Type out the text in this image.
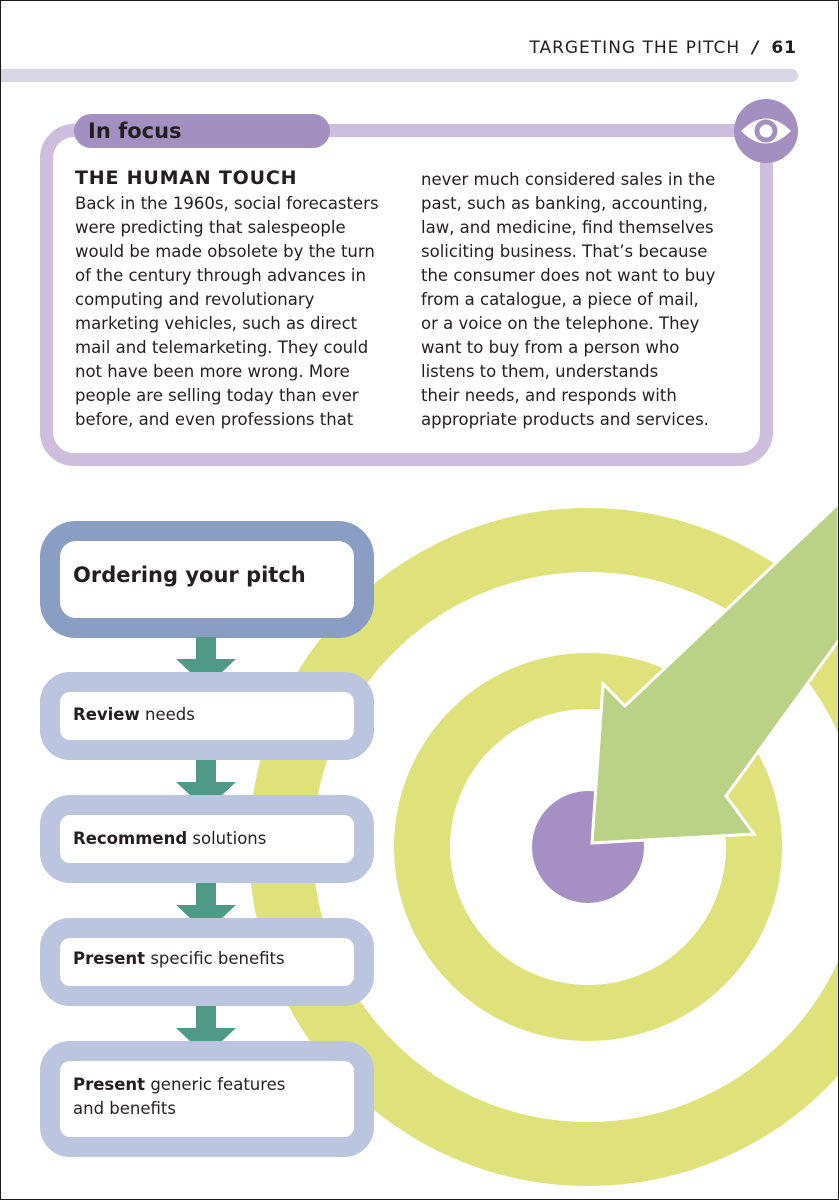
TARGETING THE PITCH / 61
In focus
THE HUMAN TOUCH
Back in the 1960s, social forecasters
were predicting that salespeople
would be made obsolete by the turn
of the century through advances in
computing and revolutionary
marketing vehicles, such as direct
mail and telemarketing. They could
not have been more wrong. More
people are selling today than ever
before, and even professions that
never much considered sales in the
past, such as banking, accounting,
law, and medicine, find themselves
soliciting business. That’s because
the consumer does not want to buy
from a catalogue, a piece of mail,
or a voice on the telephone. They
want to buy from a person who
listens to them, understands
their needs, and responds with
appropriate products and services.
Ordering your pitch
Review needs
Recommend solutions
Present specific benefits
Present generic features
and benefits
